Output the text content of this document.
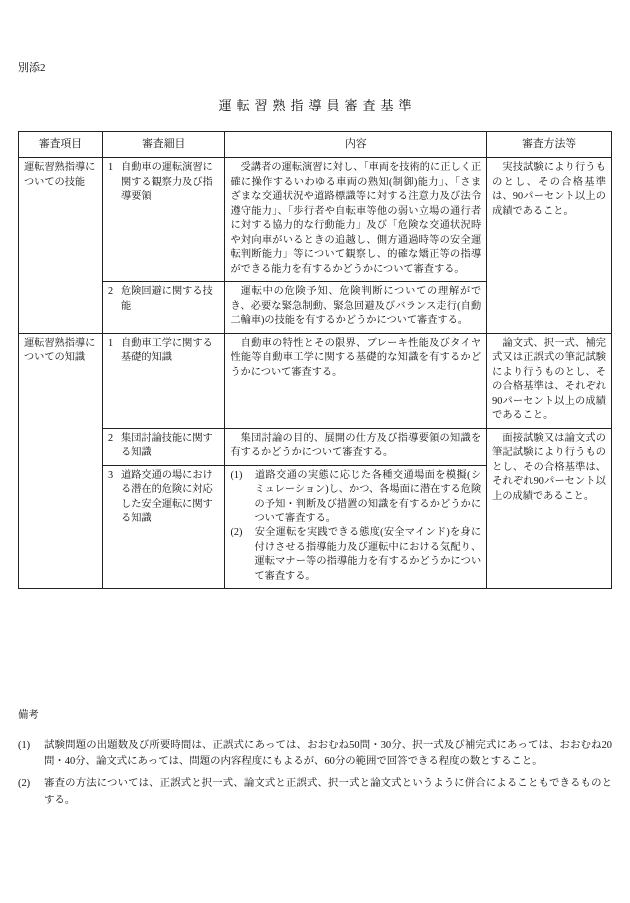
別添2
運転習熟指導員審査基準
審査項目	審査細目	内容	審査方法等
運転習熟指導についての技能	1 自動車の運転演習に関する観察力及び指導要領	受講者の運転演習に対し、「車両を技術的に正しく正確に操作するいわゆる車両の熟知(制御)能力」、「さまざまな交通状況や道路標識等に対する注意力及び法令遵守能力」、「歩行者や自転車等他の弱い立場の通行者に対する協力的な行動能力」及び「危険な交通状況時や対向車がいるときの追越し、側方通過時等の安全運転判断能力」等について観察し、的確な矯正等の指導ができる能力を有するかどうかについて審査する。	実技試験により行うものとし、その合格基準は、90パーセント以上の成績であること。

	2 危険回避に関する技能	運転中の危険予知、危険判断についての理解ができ、必要な緊急制動、緊急回避及びバランス走行(自動二輪車)の技能を有するかどうかについて審査する。	

運転習熟指導についての知識	1 自動車工学に関する基礎的知識	自動車の特性とその限界、ブレーキ性能及びタイヤ性能等自動車工学に関する基礎的な知識を有するかどうかについて審査する。	論文式、択一式、補完式又は正誤式の筆記試験により行うものとし、その合格基準は、それぞれ90パーセント以上の成績であること。

	2 集団討論技能に関する知識	集団討論の目的、展開の仕方及び指導要領の知識を有するかどうかについて審査する。	面接試験又は論文式の筆記試験により行うものとし、その合格基準は、それぞれ90パーセント以上の成績であること。

	3 道路交通の場における潜在的危険に対応した安全運転に関する知識	(1) 道路交通の実態に応じた各種交通場面を模擬(シミュレーション)し、かつ、各場面に潜在する危険の予知・判断及び措置の知識を有するかどうかについて審査する。
(2) 安全運転を実践できる態度(安全マインド)を身に付けさせる指導能力及び運転中における気配り、運転マナー等の指導能力を有するかどうかについて審査する。	
備考
(1) 試験問題の出題数及び所要時間は、正誤式にあっては、おおむね50問・30分、択一式及び補完式にあっては、おおむね20問・40分、論文式にあっては、問題の内容程度にもよるが、60分の範囲で回答できる程度の数とすること。
(2) 審査の方法については、正誤式と択一式、論文式と正誤式、択一式と論文式というように併合によることもできるものとする。
